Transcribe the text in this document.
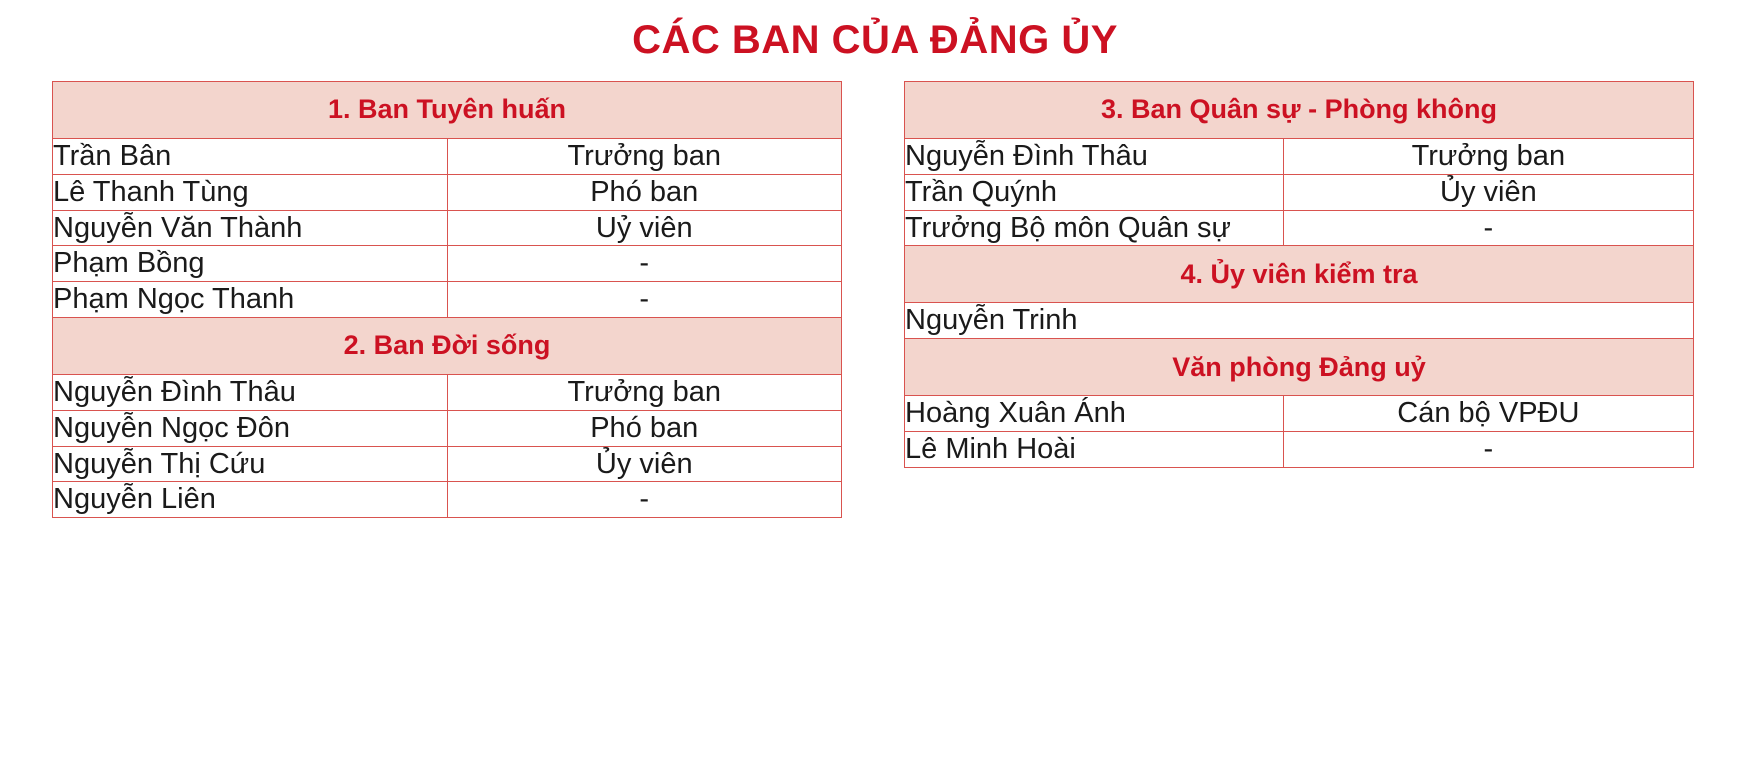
CÁC BAN CỦA ĐẢNG ỦY
1. Ban Tuyên huấn	
Trần Bân	Trưởng ban
Lê Thanh Tùng	Phó ban
Nguyễn Văn Thành	Uỷ viên
Phạm Bồng	-
Phạm Ngọc Thanh	-
2. Ban Đời sống	
Nguyễn Đình Thâu	Trưởng ban
Nguyễn Ngọc Đôn	Phó ban
Nguyễn Thị Cứu	Ủy viên
Nguyễn Liên	-
3. Ban Quân sự - Phòng không	
Nguyễn Đình Thâu	Trưởng ban
Trần Quýnh	Ủy viên
Trưởng Bộ môn Quân sự	-
4. Ủy viên kiểm tra	
Nguyễn Trinh	
Văn phòng Đảng uỷ	
Hoàng Xuân Ánh	Cán bộ VPĐU
Lê Minh Hoài	-
